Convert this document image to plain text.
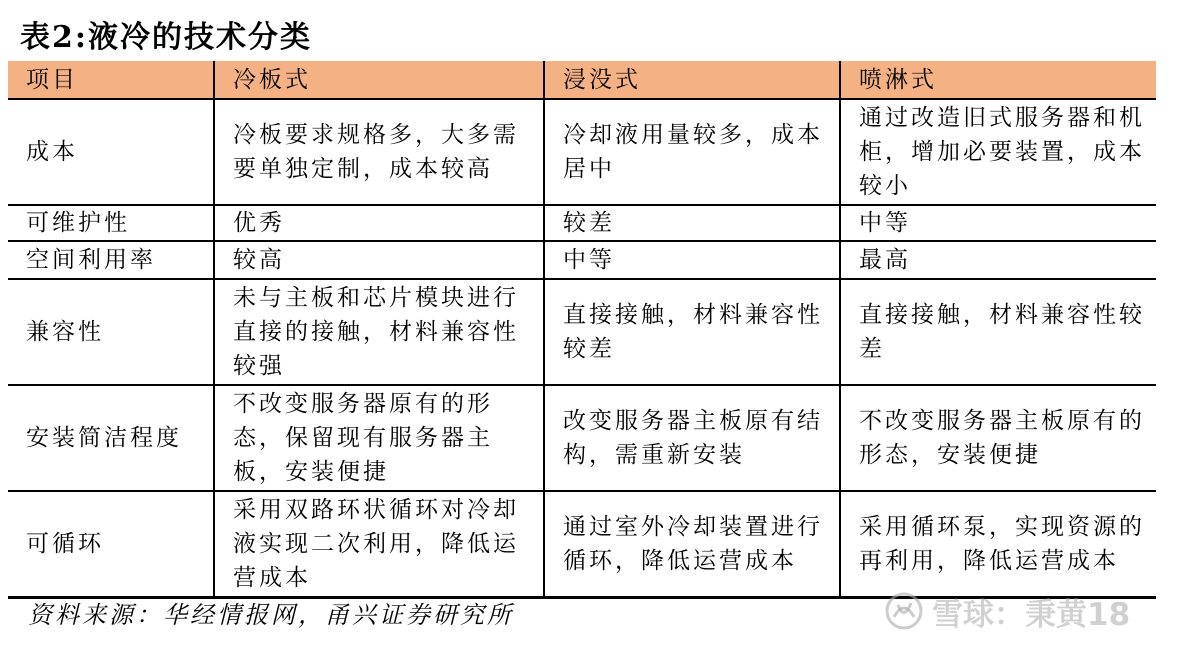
表2:液冷的技术分类
项目	冷板式	浸没式	喷淋式
成本	冷板要求规格多，大多需要单独定制，成本较高	冷却液用量较多，成本居中	通过改造旧式服务器和机柜，增加必要装置，成本较小
可维护性	优秀	较差	中等
空间利用率	较高	中等	最高
兼容性	未与主板和芯片模块进行直接的接触，材料兼容性较强	直接接触，材料兼容性较差	直接接触，材料兼容性较差
安装简洁程度	不改变服务器原有的形态，保留现有服务器主板，安装便捷	改变服务器主板原有结构，需重新安装	不改变服务器主板原有的形态，安装便捷
可循环	采用双路环状循环对冷却液实现二次利用，降低运营成本	通过室外冷却装置进行循环，降低运营成本	采用循环泵，实现资源的再利用，降低运营成本
资料来源：华经情报网，甬兴证券研究所	雪球：秉黄18
